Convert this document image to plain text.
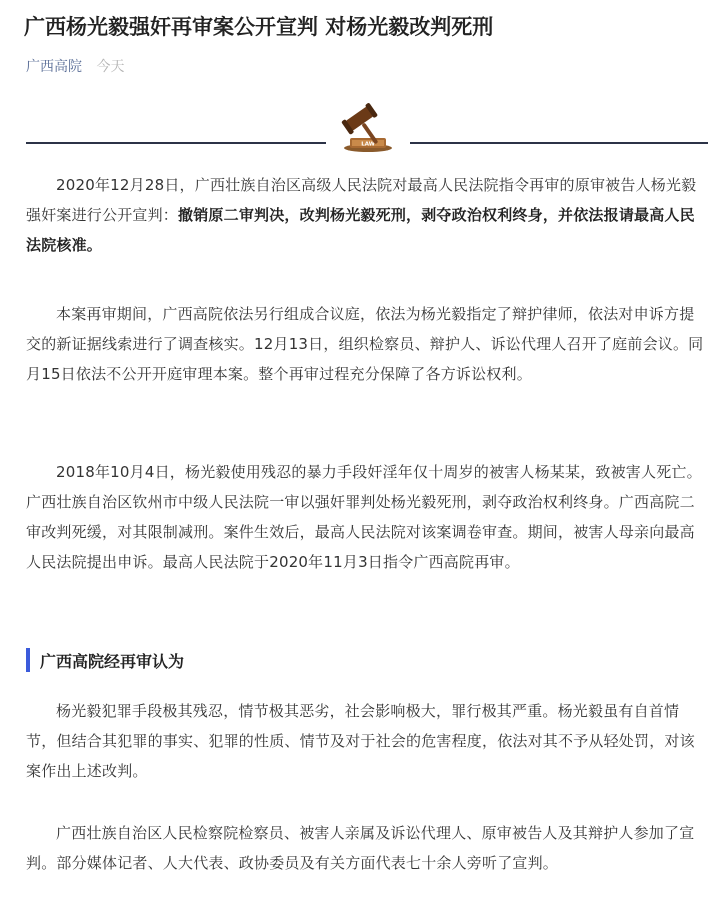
广西杨光毅强奸再审案公开宣判 对杨光毅改判死刑
广西高院 今天
LAW

2020年12月28日，广西壮族自治区高级人民法院对最高人民法院指令再审的原审被告人杨光毅强奸案进行公开宣判：撤销原二审判决，改判杨光毅死刑，剥夺政治权利终身，并依法报请最高人民法院核准。

本案再审期间，广西高院依法另行组成合议庭，依法为杨光毅指定了辩护律师，依法对申诉方提交的新证据线索进行了调查核实。12月13日，组织检察员、辩护人、诉讼代理人召开了庭前会议。同月15日依法不公开开庭审理本案。整个再审过程充分保障了各方诉讼权利。

2018年10月4日，杨光毅使用残忍的暴力手段奸淫年仅十周岁的被害人杨某某，致被害人死亡。广西壮族自治区钦州市中级人民法院一审以强奸罪判处杨光毅死刑，剥夺政治权利终身。广西高院二审改判死缓，对其限制减刑。案件生效后，最高人民法院对该案调卷审查。期间，被害人母亲向最高人民法院提出申诉。最高人民法院于2020年11月3日指令广西高院再审。

广西高院经再审认为

杨光毅犯罪手段极其残忍，情节极其恶劣，社会影响极大，罪行极其严重。杨光毅虽有自首情节，但结合其犯罪的事实、犯罪的性质、情节及对于社会的危害程度，依法对其不予从轻处罚，对该案作出上述改判。

广西壮族自治区人民检察院检察员、被害人亲属及诉讼代理人、原审被告人及其辩护人参加了宣判。部分媒体记者、人大代表、政协委员及有关方面代表七十余人旁听了宣判。
